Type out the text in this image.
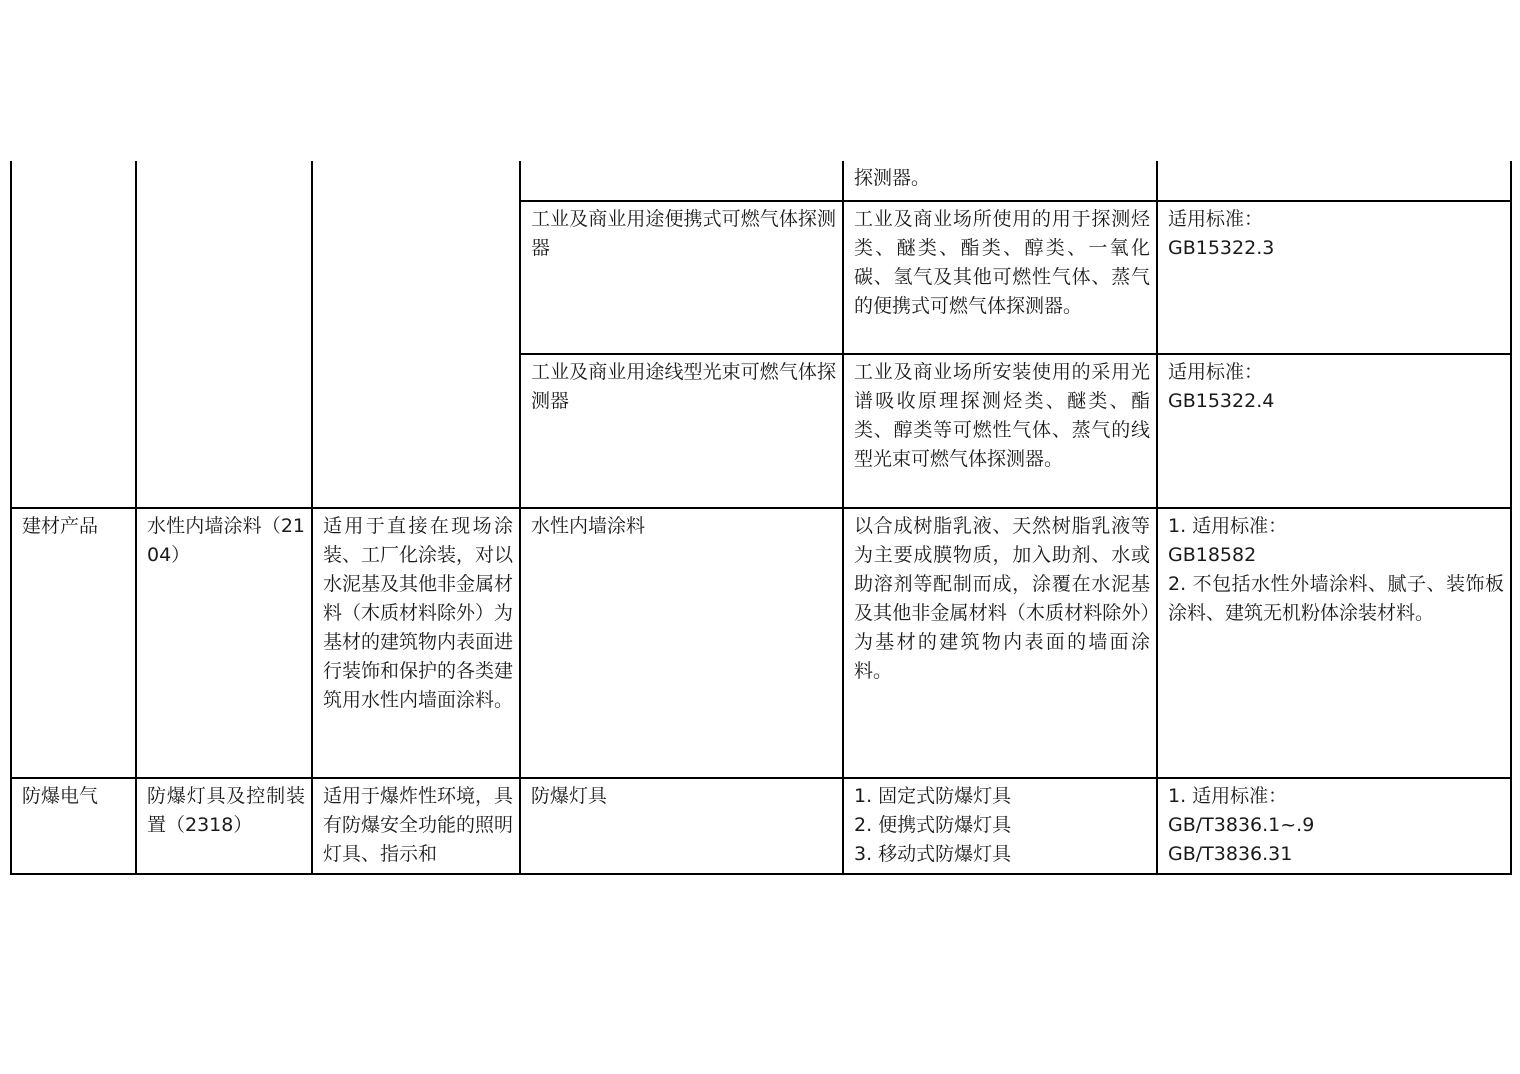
				探测器。	
			工业及商业用途便携式可燃气体探测器	工业及商业场所使用的用于探测烃类、醚类、酯类、醇类、一氧化碳、氢气及其他可燃性气体、蒸气的便携式可燃气体探测器。	适用标准：
GB15322.3

			工业及商业用途线型光束可燃气体探测器	工业及商业场所安装使用的采用光谱吸收原理探测烃类、醚类、酯类、醇类等可燃性气体、蒸气的线型光束可燃气体探测器。	适用标准：
GB15322.4

建材产品	水性内墙涂料（2104）	适用于直接在现场涂装、工厂化涂装，对以水泥基及其他非金属材料（木质材料除外）为基材的建筑物内表面进行装饰和保护的各类建筑用水性内墙面涂料。	水性内墙涂料	以合成树脂乳液、天然树脂乳液等为主要成膜物质，加入助剂、水或助溶剂等配制而成，涂覆在水泥基及其他非金属材料（木质材料除外）为基材的建筑物内表面的墙面涂料。	1. 适用标准：
GB18582
2. 不包括水性外墙涂料、腻子、装饰板涂料、建筑无机粉体涂装材料。

防爆电气	防爆灯具及控制装置（2318）	适用于爆炸性环境，具有防爆安全功能的照明灯具、指示和	防爆灯具	1. 固定式防爆灯具
2. 便携式防爆灯具
3. 移动式防爆灯具	1. 适用标准：
GB/T3836.1~.9
GB/T3836.31
